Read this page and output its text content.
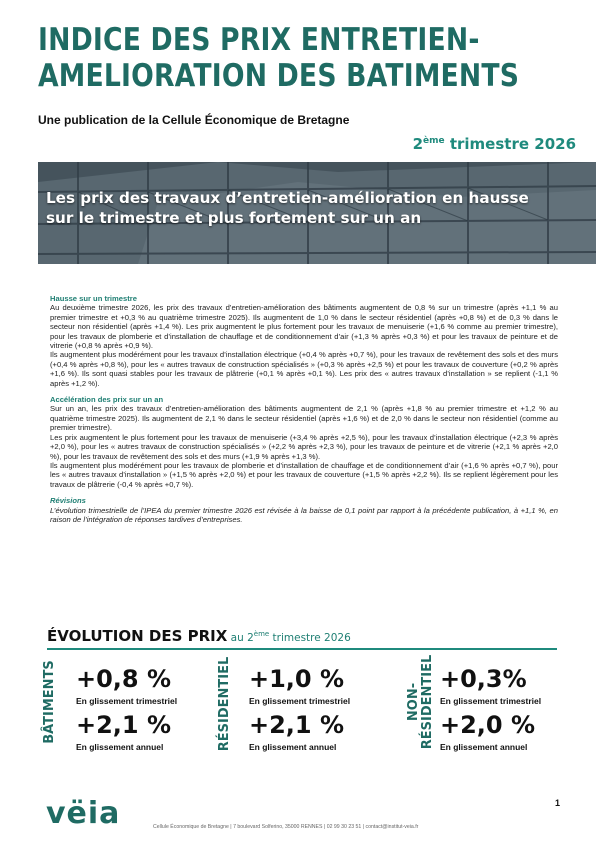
INDICE DES PRIX ENTRETIEN-
AMELIORATION DES BATIMENTS
Une publication de la Cellule Économique de Bretagne
2ème trimestre 2026
Les prix des travaux d’entretien-amélioration en hausse
sur le trimestre et plus fortement sur un an
Hausse sur un trimestre
Au deuxième trimestre 2026, les prix des travaux d’entretien-amélioration des bâtiments augmentent de 0,8 % sur un trimestre (après +1,1 % au premier trimestre et +0,3 % au quatrième trimestre 2025). Ils augmentent de 1,0 % dans le secteur résidentiel (après +0,8 %) et de 0,3 % dans le secteur non résidentiel (après +1,4 %). Les prix augmentent le plus fortement pour les travaux de menuiserie (+1,6 % comme au premier trimestre), pour les travaux de plomberie et d’installation de chauffage et de conditionnement d’air (+1,3 % après +0,3 %) et pour les travaux de peinture et de vitrerie (+0,8 % après +0,9 %).
Ils augmentent plus modérément pour les travaux d’installation électrique (+0,4 % après +0,7 %), pour les travaux de revêtement des sols et des murs (+0,4 % après +0,8 %), pour les « autres travaux de construction spécialisés » (+0,3 % après +2,5 %) et pour les travaux de couverture (+0,2 % après +1,6 %). Ils sont quasi stables pour les travaux de plâtrerie (+0,1 % après +0,1 %). Les prix des « autres travaux d’installation » se replient (-1,1 % après +1,2 %).
Accélération des prix sur un an
Sur un an, les prix des travaux d’entretien-amélioration des bâtiments augmentent de 2,1 % (après +1,8 % au premier trimestre et +1,2 % au quatrième trimestre 2025). Ils augmentent de 2,1 % dans le secteur résidentiel (après +1,6 %) et de 2,0 % dans le secteur non résidentiel (comme au premier trimestre).
Les prix augmentent le plus fortement pour les travaux de menuiserie (+3,4 % après +2,5 %), pour les travaux d’installation électrique (+2,3 % après +2,0 %), pour les « autres travaux de construction spécialisés » (+2,2 % après +2,3 %), pour les travaux de peinture et de vitrerie (+2,1 % après +2,0 %), pour les travaux de revêtement des sols et des murs (+1,9 % après +1,3 %).
Ils augmentent plus modérément pour les travaux de plomberie et d’installation de chauffage et de conditionnement d’air (+1,6 % après +0,7 %), pour les « autres travaux d’installation » (+1,5 % après +2,0 %) et pour les travaux de couverture (+1,5 % après +2,2 %). Ils se replient légèrement pour les travaux de plâtrerie (-0,4 % après +0,7 %).
Révisions
L’évolution trimestrielle de l’IPEA du premier trimestre 2026 est révisée à la baisse de 0,1 point par rapport à la précédente publication, à +1,1 %, en raison de l’intégration de réponses tardives d’entreprises.
ÉVOLUTION DES PRIX au 2ème trimestre 2026
BÂTIMENTS +0,8 %
En glissement trimestriel
+2,1 %
En glissement annuel	RÉSIDENTIEL +1,0 %
En glissement trimestriel
+2,1 %
En glissement annuel
NON- RÉSIDENTIEL +0,3%
En glissement trimestriel
+2,0 %
En glissement annuel
vëia	Cellule Économique de Bretagne | 7 boulevard Solferino, 35000 RENNES | 02 99 30 23 51 | contact@institut-veia.fr
1
